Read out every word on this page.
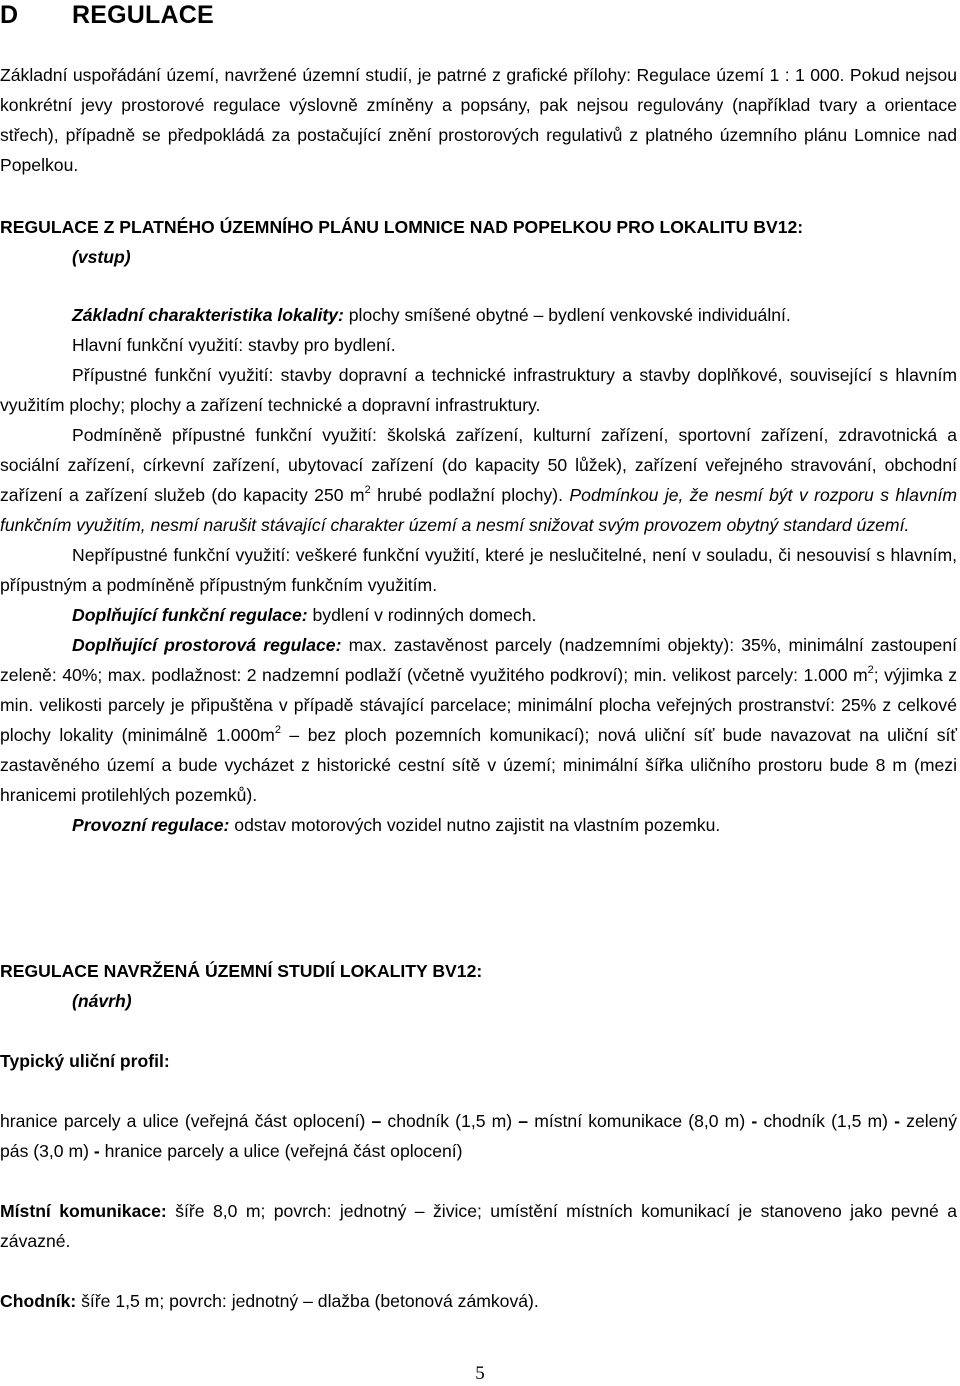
D REGULACE

Základní uspořádání území, navržené územní studií, je patrné z grafické přílohy: Regulace území 1 : 1 000. Pokud nejsou konkrétní jevy prostorové regulace výslovně zmíněny a popsány, pak nejsou regulovány (například tvary a orientace střech), případně se předpokládá za postačující znění prostorových regulativů z platného územního plánu Lomnice nad Popelkou.

REGULACE Z PLATNÉHO ÚZEMNÍHO PLÁNU LOMNICE NAD POPELKOU PRO LOKALITU BV12:

(vstup)

Základní charakteristika lokality: plochy smíšené obytné – bydlení venkovské individuální.

Hlavní funkční využití: stavby pro bydlení.

Přípustné funkční využití: stavby dopravní a technické infrastruktury a stavby doplňkové, související s hlavním využitím plochy; plochy a zařízení technické a dopravní infrastruktury.

Podmíněně přípustné funkční využití: školská zařízení, kulturní zařízení, sportovní zařízení, zdravotnická a sociální zařízení, církevní zařízení, ubytovací zařízení (do kapacity 50 lůžek), zařízení veřejného stravování, obchodní zařízení a zařízení služeb (do kapacity 250 $m^2$ hrubé podlažní plochy). Podmínkou je, že nesmí být v rozporu s hlavním funkčním využitím, nesmí narušit stávající charakter území a nesmí snižovat svým provozem obytný standard území.

Nepřípustné funkční využití: veškeré funkční využití, které je neslučitelné, není v souladu, či nesouvisí s hlavním, přípustným a podmíněně přípustným funkčním využitím.

Doplňující funkční regulace: bydlení v rodinných domech.

Doplňující prostorová regulace: max. zastavěnost parcely (nadzemními objekty): 35%, minimální zastoupení zeleně: 40%; max. podlažnost: 2 nadzemní podlaží (včetně využitého podkroví); min. velikost parcely: 1.000 $m^2$; výjimka z min. velikosti parcely je připuštěna v případě stávající parcelace; minimální plocha veřejných prostranství: 25% z celkové plochy lokality (minimálně $1.000m^2$ – bez ploch pozemních komunikací); nová uliční síť bude navazovat na uliční síť zastavěného území a bude vycházet z historické cestní sítě v území; minimální šířka uličního prostoru bude 8 m (mezi hranicemi protilehlých pozemků).

Provozní regulace: odstav motorových vozidel nutno zajistit na vlastním pozemku.

REGULACE NAVRŽENÁ ÚZEMNÍ STUDIÍ LOKALITY BV12:

(návrh)

Typický uliční profil:

hranice parcely a ulice (veřejná část oplocení) – chodník (1,5 m) – místní komunikace (8,0 m) - chodník (1,5 m) - zelený pás (3,0 m) - hranice parcely a ulice (veřejná část oplocení)

Místní komunikace: šíře 8,0 m; povrch: jednotný – živice; umístění místních komunikací je stanoveno jako pevné a závazné.

Chodník: šíře 1,5 m; povrch: jednotný – dlažba (betonová zámková).

5
